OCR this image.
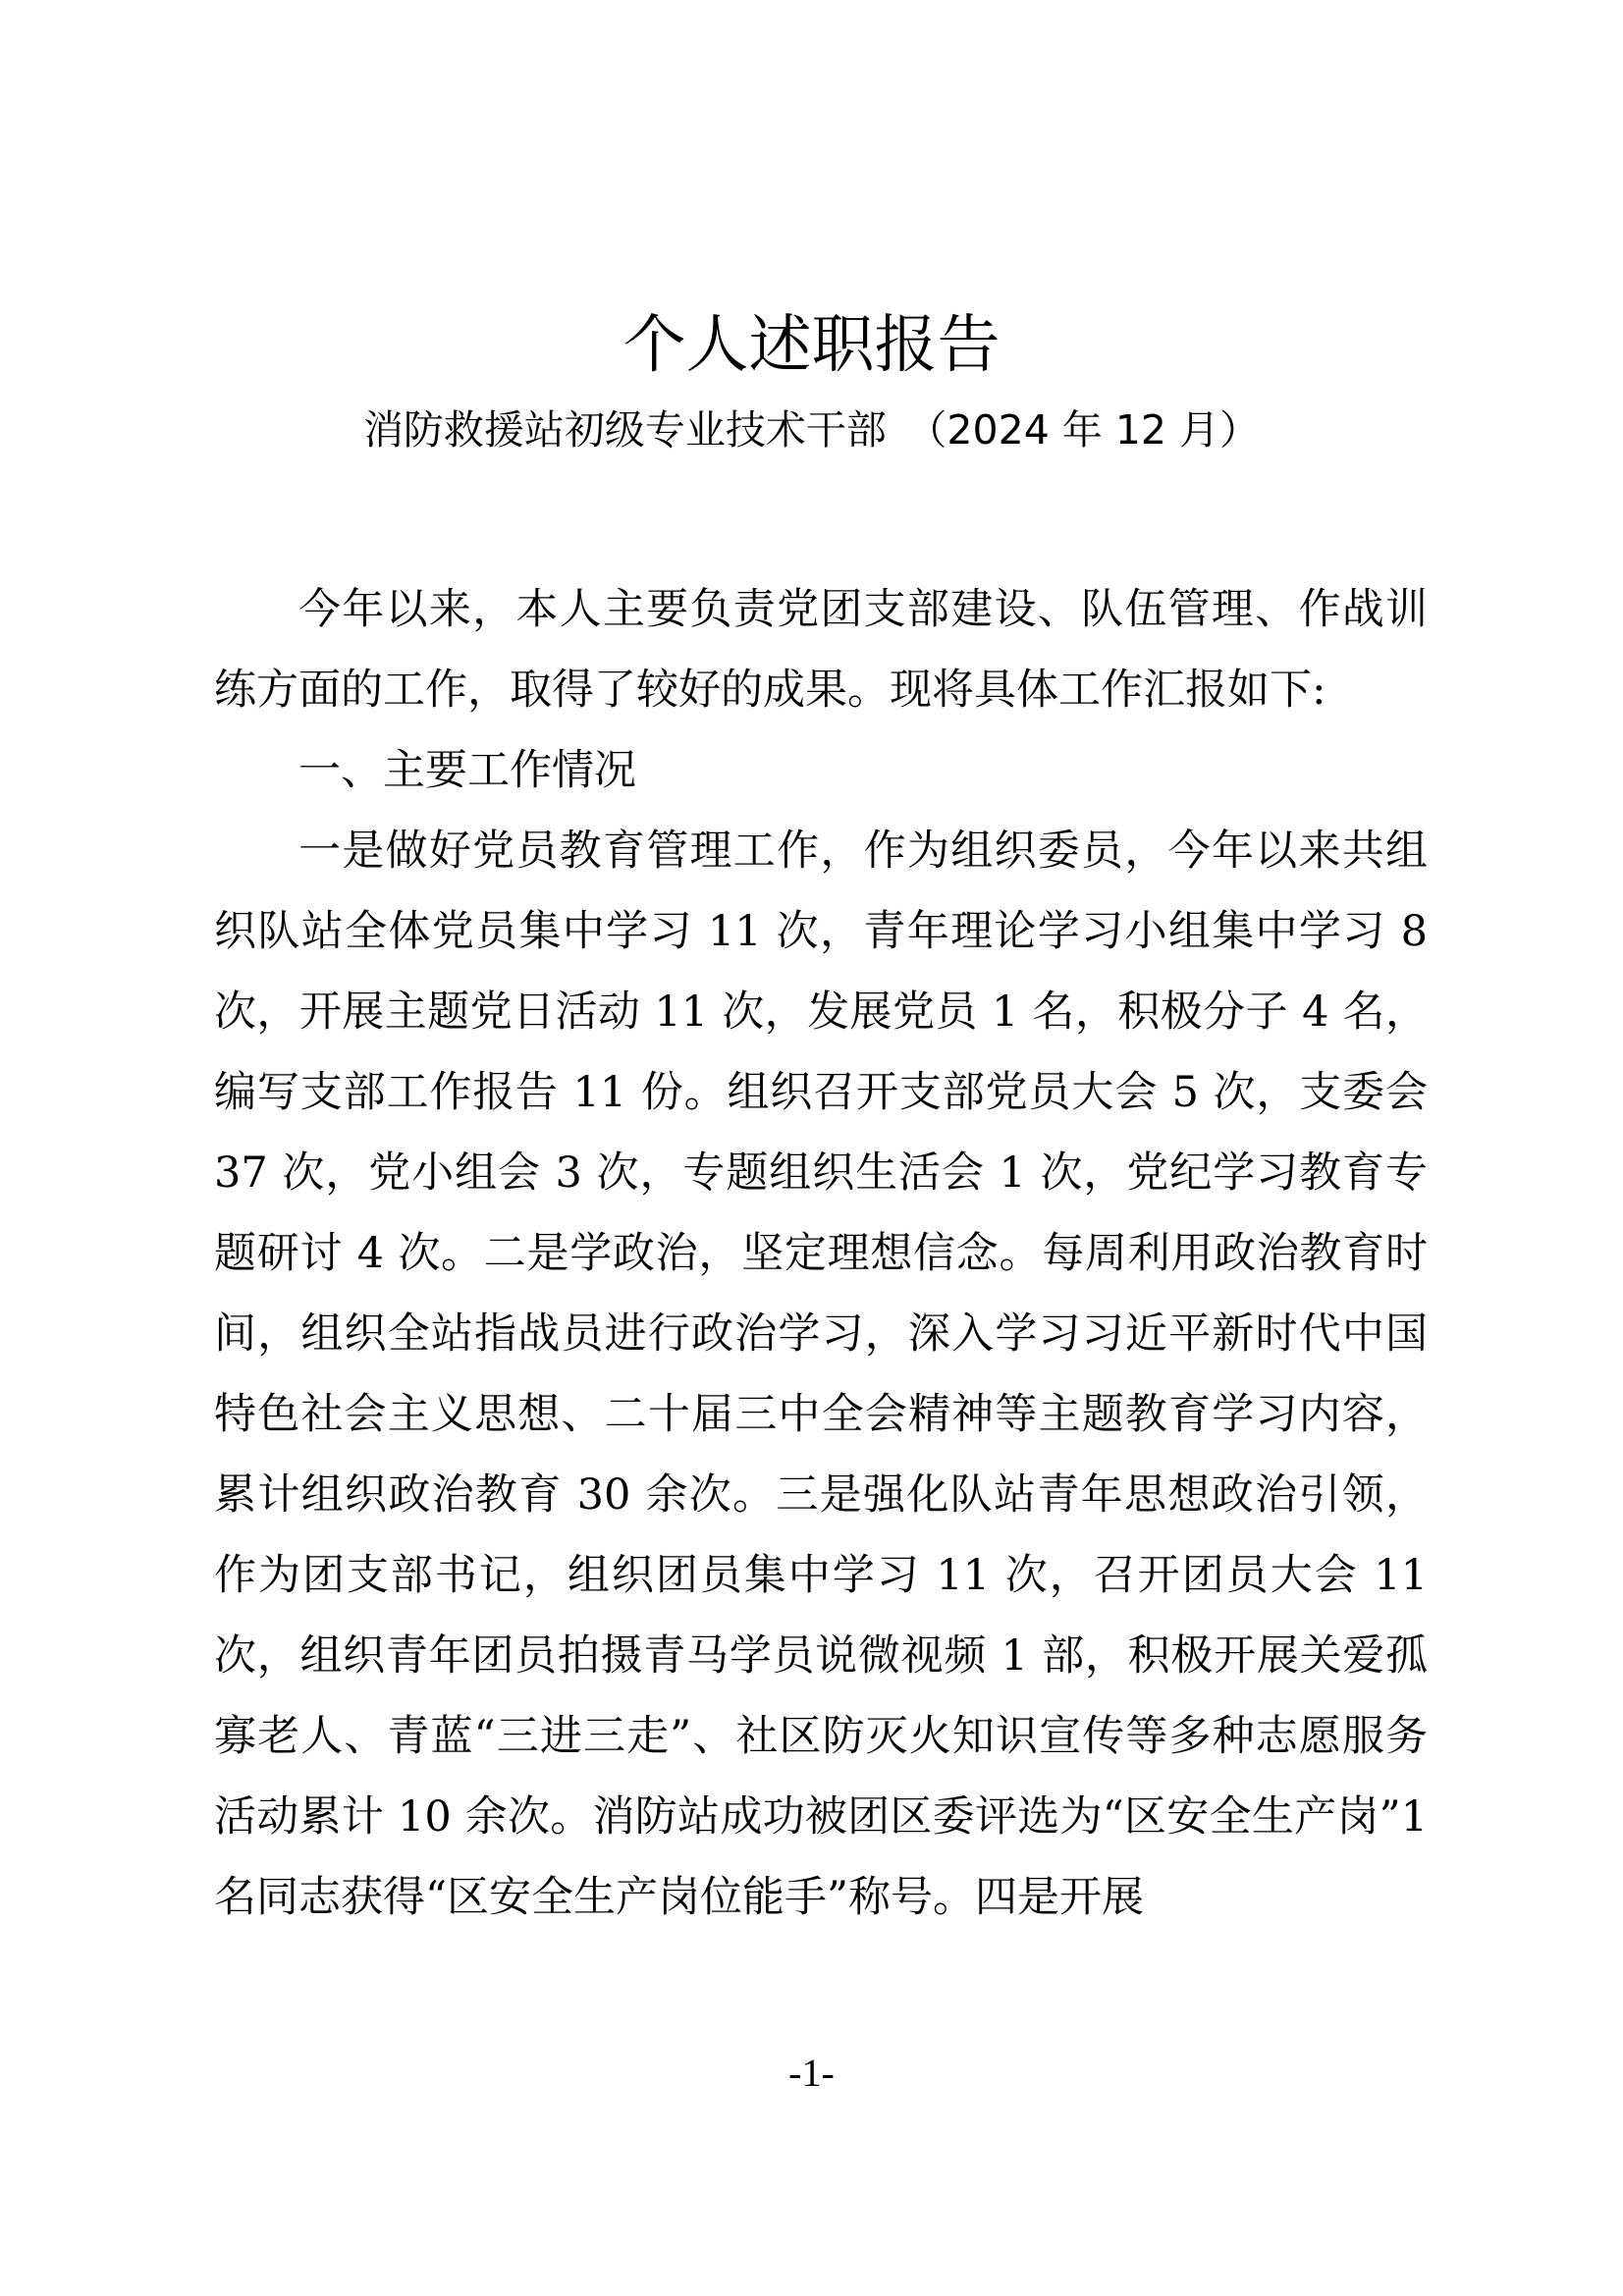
个人述职报告
消防救援站初级专业技术干部　（2024 年 12 月）

今年以来，本人主要负责党团支部建设、队伍管理、作战训练方面的工作，取得了较好的成果。现将具体工作汇报如下:

一、主要工作情况

一是做好党员教育管理工作，作为组织委员，今年以来共组织队站全体党员集中学习 11 次，青年理论学习小组集中学习 8 次，开展主题党日活动 11 次，发展党员 1 名，积极分子 4 名，编写支部工作报告 11 份。组织召开支部党员大会 5 次，支委会 37 次，党小组会 3 次，专题组织生活会 1 次，党纪学习教育专题研讨 4 次。二是学政治，坚定理想信念。每周利用政治教育时间，组织全站指战员进行政治学习，深入学习习近平新时代中国特色社会主义思想、二十届三中全会精神等主题教育学习内容，累计组织政治教育 30 余次。三是强化队站青年思想政治引领，作为团支部书记，组织团员集中学习 11 次，召开团员大会 11 次，组织青年团员拍摄青马学员说微视频 1 部，积极开展关爱孤寡老人、青蓝“三进三走”、社区防灭火知识宣传等多种志愿服务活动累计 10 余次。消防站成功被团区委评选为“区安全生产岗”1 名同志获得“区安全生产岗位能手”称号。四是开展

-1-
